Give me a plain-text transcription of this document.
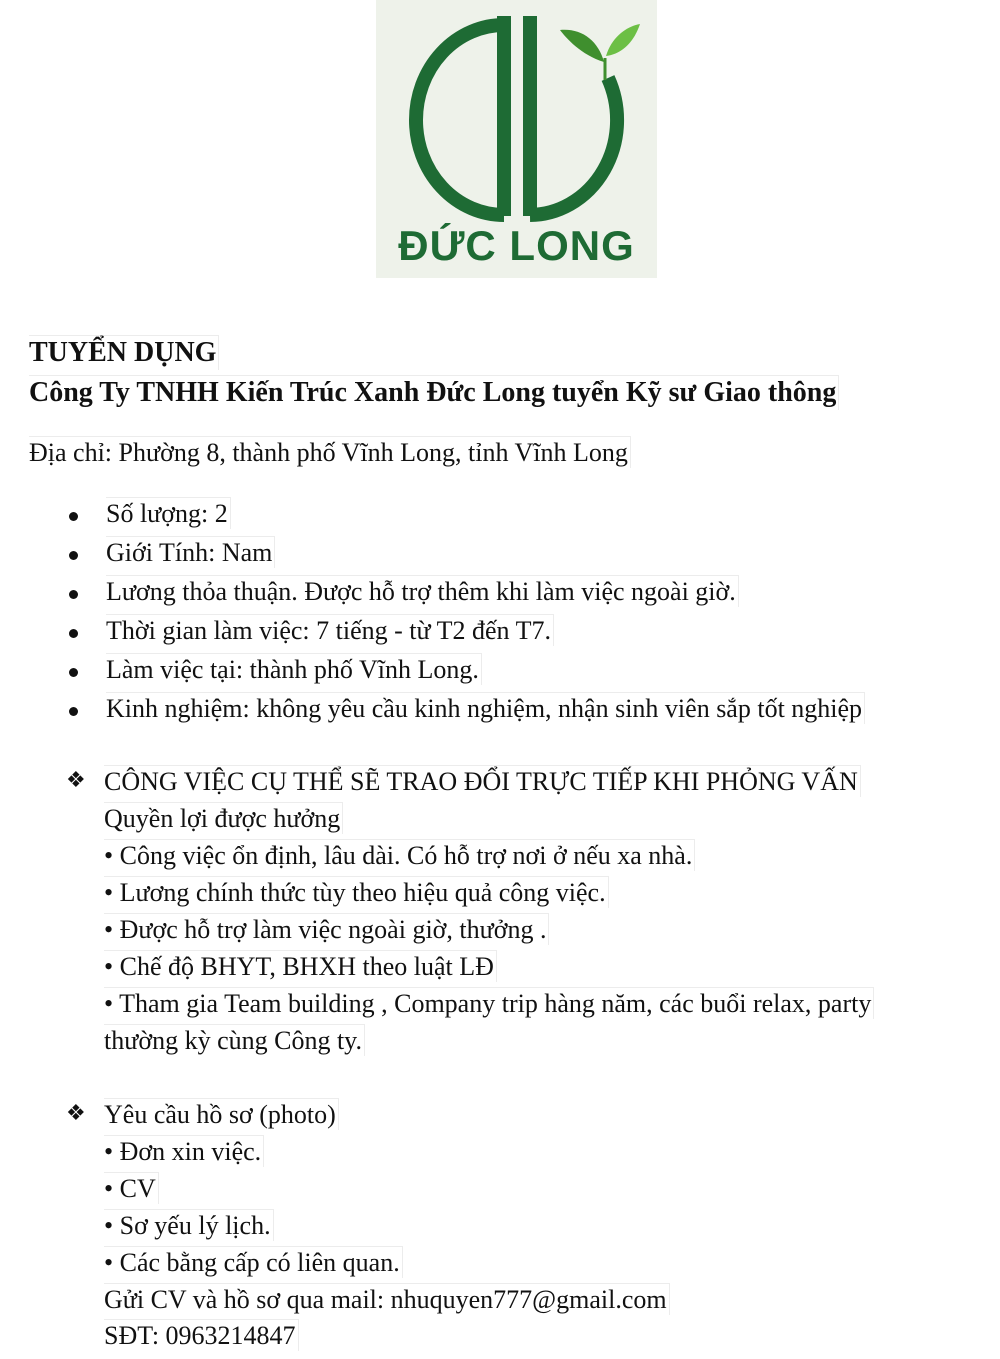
ĐỨC LONG
TUYỂN DỤNG
Công Ty TNHH Kiến Trúc Xanh Đức Long tuyển Kỹ sư Giao thông
Địa chỉ: Phường 8, thành phố Vĩnh Long, tỉnh Vĩnh Long
Số lượng: 2
Giới Tính: Nam
Lương thỏa thuận. Được hỗ trợ thêm khi làm việc ngoài giờ.
Thời gian làm việc: 7 tiếng - từ T2 đến T7.
Làm việc tại: thành phố Vĩnh Long.
Kinh nghiệm: không yêu cầu kinh nghiệm, nhận sinh viên sắp tốt nghiệp
❖ CÔNG VIỆC CỤ THỂ SẼ TRAO ĐỔI TRỰC TIẾP KHI PHỎNG VẤN
Quyền lợi được hưởng
• Công việc ổn định, lâu dài. Có hỗ trợ nơi ở nếu xa nhà.
• Lương chính thức tùy theo hiệu quả công việc.
• Được hỗ trợ làm việc ngoài giờ, thưởng .
• Chế độ BHYT, BHXH theo luật LĐ
• Tham gia Team building , Company trip hàng năm, các buổi relax, party
thường kỳ cùng Công ty.
❖ Yêu cầu hồ sơ (photo)
• Đơn xin việc.
• CV
• Sơ yếu lý lịch.
• Các bằng cấp có liên quan.
Gửi CV và hồ sơ qua mail: nhuquyen777@gmail.com
SĐT: 0963214847
